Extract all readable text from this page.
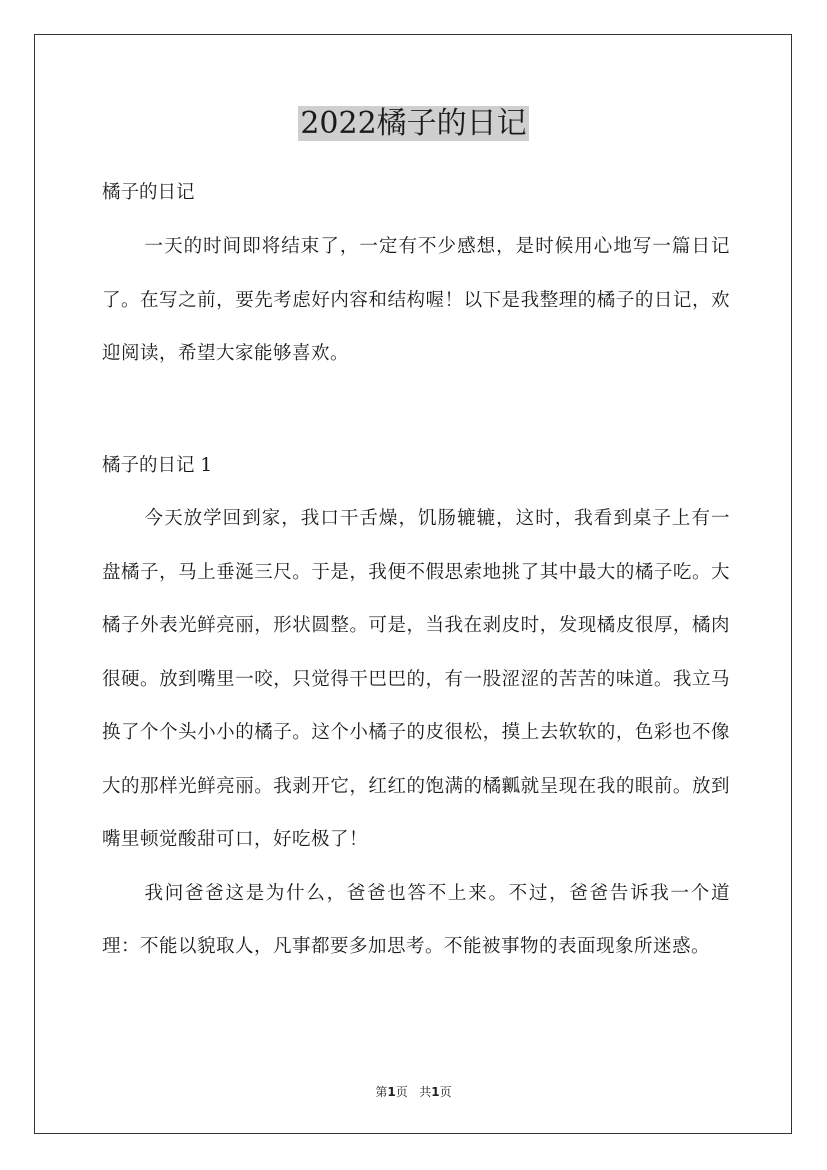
2022橘子的日记
橘子的日记

一天的时间即将结束了，一定有不少感想，是时候用心地写一篇日记了。在写之前，要先考虑好内容和结构喔！以下是我整理的橘子的日记，欢迎阅读，希望大家能够喜欢。

橘子的日记 1

今天放学回到家，我口干舌燥，饥肠辘辘，这时，我看到桌子上有一盘橘子，马上垂涎三尺。于是，我便不假思索地挑了其中最大的橘子吃。大橘子外表光鲜亮丽，形状圆整。可是，当我在剥皮时，发现橘皮很厚，橘肉很硬。放到嘴里一咬，只觉得干巴巴的，有一股涩涩的苦苦的味道。我立马换了个个头小小的橘子。这个小橘子的皮很松，摸上去软软的，色彩也不像大的那样光鲜亮丽。我剥开它，红红的饱满的橘瓤就呈现在我的眼前。放到嘴里顿觉酸甜可口，好吃极了！

我问爸爸这是为什么，爸爸也答不上来。不过，爸爸告诉我一个道理：不能以貌取人，凡事都要多加思考。不能被事物的表面现象所迷惑。

第1页   共1页
